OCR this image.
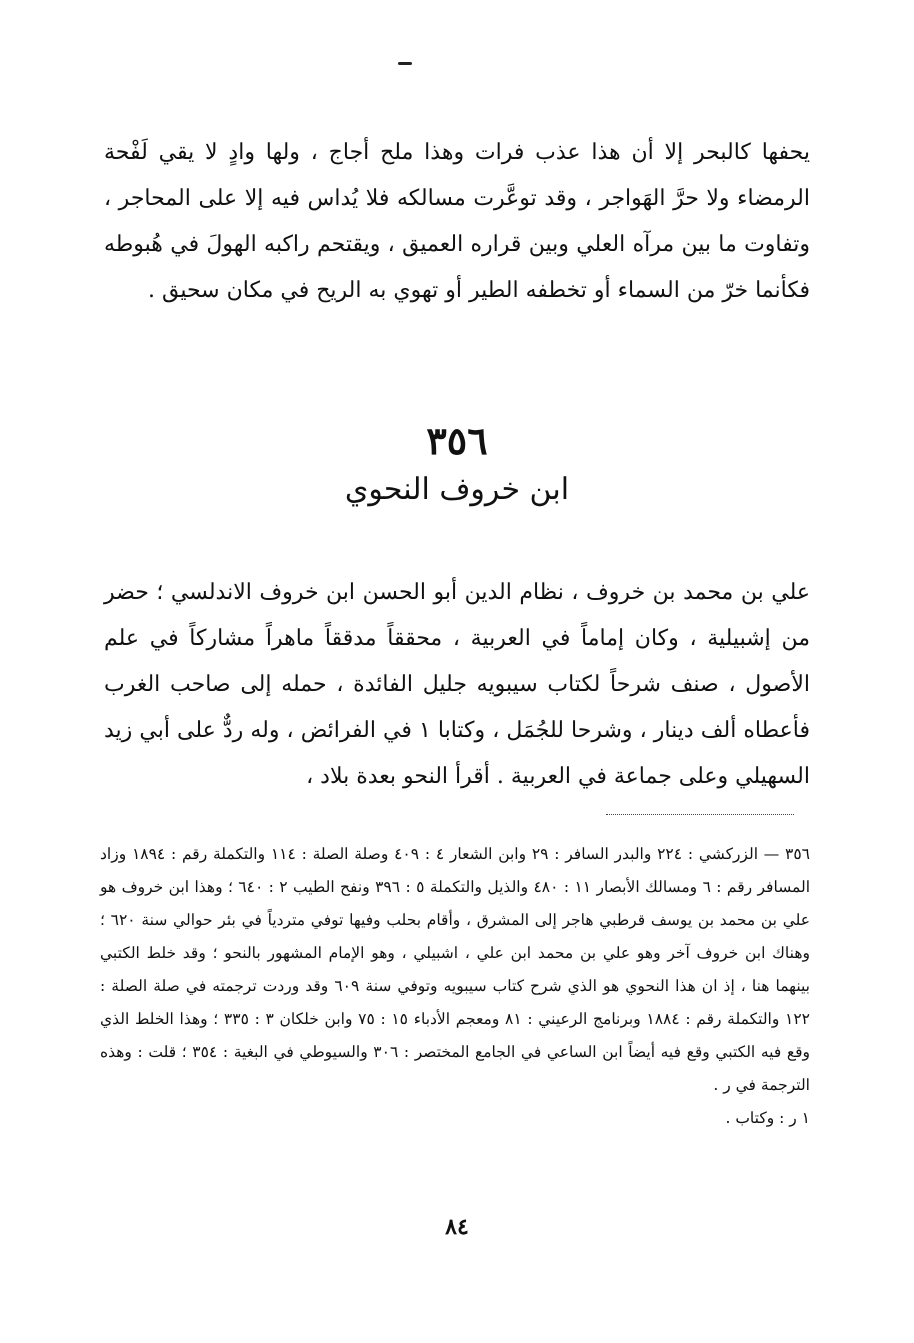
يحفها كالبحر إلا أن هذا عذب فرات وهذا ملح أجاج ، ولها وادٍ لا يقي لَفْحة الرمضاء ولا حرَّ الهَواجر ، وقد توعَّرت مسالكه فلا يُداس فيه إلا على المحاجر ، وتفاوت ما بين مرآه العلي وبين قراره العميق ، ويقتحم راكبه الهولَ في هُبوطه فكأنما خرّ من السماء أو تخطفه الطير أو تهوي به الريح في مكان سحيق .

٣٥٦
ابن خروف النحوي

علي بن محمد بن خروف ، نظام الدين أبو الحسن ابن خروف الاندلسي ؛ حضر من إشبيلية ، وكان إماماً في العربية ، محققاً مدققاً ماهراً مشاركاً في علم الأصول ، صنف شرحاً لكتاب سيبويه جليل الفائدة ، حمله إلى صاحب الغرب فأعطاه ألف دينار ، وشرحا للجُمَل ، وكتابا ١ في الفرائض ، وله ردٌّ على أبي زيد السهيلي وعلى جماعة في العربية . أقرأ النحو بعدة بلاد ،

٣٥٦ — الزركشي : ٢٢٤ والبدر السافر : ٢٩ وابن الشعار ٤ : ٤٠٩ وصلة الصلة : ١١٤ والتكملة رقم : ١٨٩٤ وزاد المسافر رقم : ٦ ومسالك الأبصار ١١ : ٤٨٠ والذيل والتكملة ٥ : ٣٩٦ ونفح الطيب ٢ : ٦٤٠ ؛ وهذا ابن خروف هو علي بن محمد بن يوسف قرطبي هاجر إلى المشرق ، وأقام بحلب وفيها توفي متردياً في بئر حوالي سنة ٦٢٠ ؛ وهناك ابن خروف آخر وهو علي بن محمد ابن علي ، اشبيلي ، وهو الإمام المشهور بالنحو ؛ وقد خلط الكتبي بينهما هنا ، إذ ان هذا النحوي هو الذي شرح كتاب سيبويه وتوفي سنة ٦٠٩ وقد وردت ترجمته في صلة الصلة : ١٢٢ والتكملة رقم : ١٨٨٤ وبرنامج الرعيني : ٨١ ومعجم الأدباء ١٥ : ٧٥ وابن خلكان ٣ : ٣٣٥ ؛ وهذا الخلط الذي وقع فيه الكتبي وقع فيه أيضاً ابن الساعي في الجامع المختصر : ٣٠٦ والسيوطي في البغية : ٣٥٤ ؛ قلت : وهذه الترجمة في ر .

١ ر : وكتاب .

٨٤
